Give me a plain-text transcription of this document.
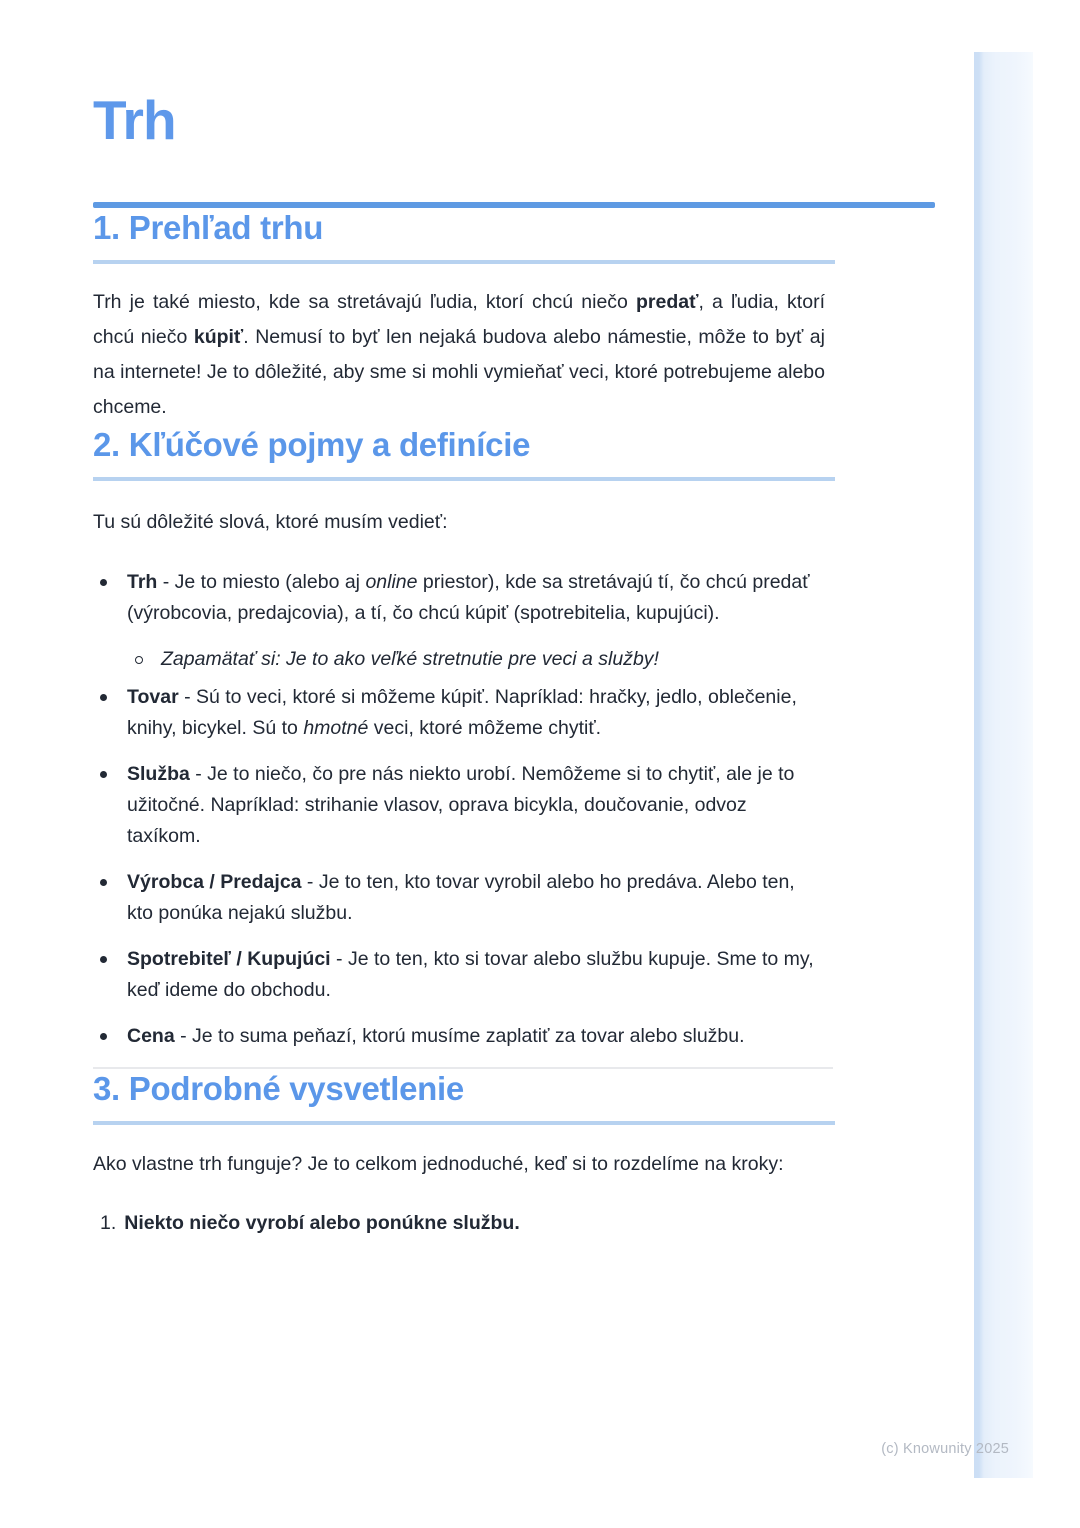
Trh
1. Prehľad trhu

Trh je také miesto, kde sa stretávajú ľudia, ktorí chcú niečo predať, a ľudia, ktorí chcú niečo kúpiť. Nemusí to byť len nejaká budova alebo námestie, môže to byť aj na internete! Je to dôležité, aby sme si mohli vymieňať veci, ktoré potrebujeme alebo chceme.

2. Kľúčové pojmy a definície

Tu sú dôležité slová, ktoré musím vedieť:

Trh - Je to miesto (alebo aj online priestor), kde sa stretávajú tí, čo chcú predať (výrobcovia, predajcovia), a tí, čo chcú kúpiť (spotrebitelia, kupujúci).

Zapamätať si: Je to ako veľké stretnutie pre veci a služby!

Tovar - Sú to veci, ktoré si môžeme kúpiť. Napríklad: hračky, jedlo, oblečenie, knihy, bicykel. Sú to hmotné veci, ktoré môžeme chytiť.

Služba - Je to niečo, čo pre nás niekto urobí. Nemôžeme si to chytiť, ale je to užitočné. Napríklad: strihanie vlasov, oprava bicykla, doučovanie, odvoz taxíkom.

Výrobca / Predajca - Je to ten, kto tovar vyrobil alebo ho predáva. Alebo ten, kto ponúka nejakú službu.

Spotrebiteľ / Kupujúci - Je to ten, kto si tovar alebo službu kupuje. Sme to my, keď ideme do obchodu.

Cena - Je to suma peňazí, ktorú musíme zaplatiť za tovar alebo službu.

3. Podrobné vysvetlenie

Ako vlastne trh funguje? Je to celkom jednoduché, keď si to rozdelíme na kroky:

1. Niekto niečo vyrobí alebo ponúkne službu.

(c) Knowunity 2025
